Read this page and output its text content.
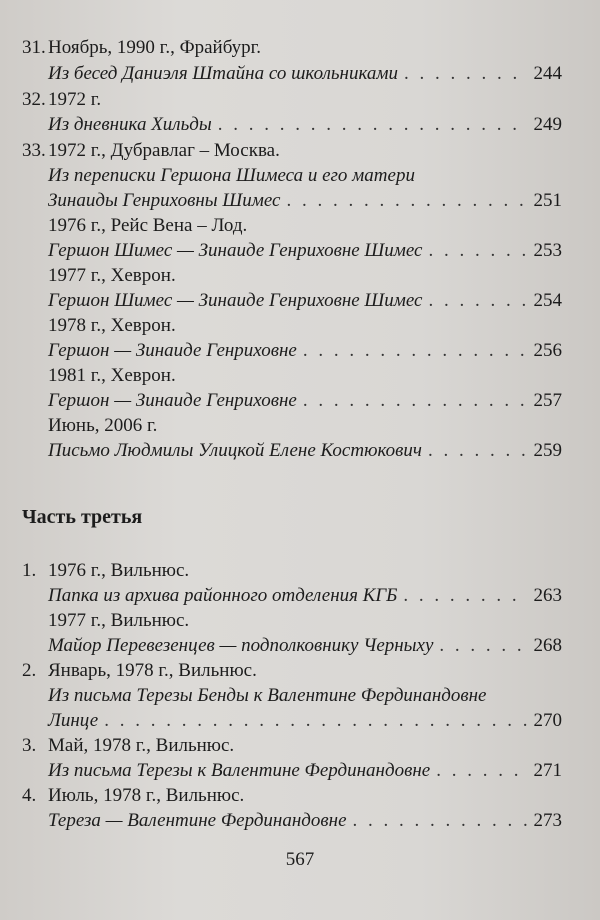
31. Ноябрь, 1990 г., Фрайбург.
Из бесед Даниэля Штайна со школьниками . . .	244
32. 1972 г.
Из дневника Хильды . . .	249
33. 1972 г., Дубравлаг – Москва.
Из переписки Гершона Шимеса и его матери
Зинаиды Генриховны Шимес . . .	251
1976 г., Рейс Вена – Лод.
Гершон Шимес — Зинаиде Генриховне Шимес . . .	253
1977 г., Хеврон.
Гершон Шимес — Зинаиде Генриховне Шимес . . .	254
1978 г., Хеврон.
Гершон — Зинаиде Генриховне . . .	256
1981 г., Хеврон.
Гершон — Зинаиде Генриховне . . .	257
Июнь, 2006 г.
Письмо Людмилы Улицкой Елене Костюкович . . .	259
Часть третья
1. 1976 г., Вильнюс.
Папка из архива районного отделения КГБ . . .	263
1977 г., Вильнюс.
Майор Перевезенцев — подполковнику Черныху . . .	268
2. Январь, 1978 г., Вильнюс.
Из письма Терезы Бенды к Валентине Фердинандовне
Линце . . .	270
3. Май, 1978 г., Вильнюс.
Из письма Терезы к Валентине Фердинандовне . . .	271
4. Июль, 1978 г., Вильнюс.
Тереза — Валентине Фердинандовне . . .	273
567
